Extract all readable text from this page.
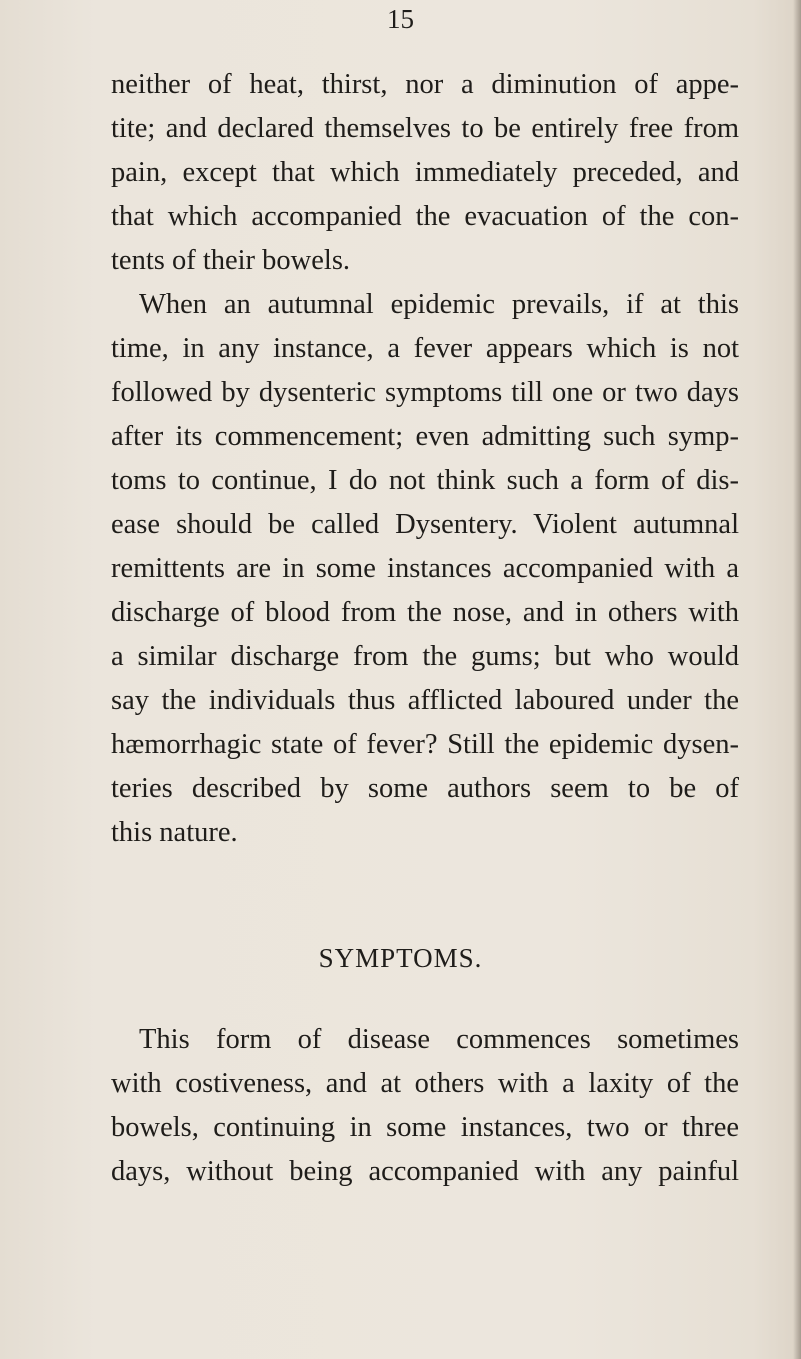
15
neither of heat, thirst, nor a diminution of appe-
tite; and declared themselves to be entirely free from
pain, except that which immediately preceded, and
that which accompanied the evacuation of the con-
tents of their bowels.
When an autumnal epidemic prevails, if at this
time, in any instance, a fever appears which is not
followed by dysenteric symptoms till one or two days
after its commencement; even admitting such symp-
toms to continue, I do not think such a form of dis-
ease should be called Dysentery. Violent autumnal
remittents are in some instances accompanied with a
discharge of blood from the nose, and in others with
a similar discharge from the gums; but who would
say the individuals thus afflicted laboured under the
hæmorrhagic state of fever? Still the epidemic dysen-
teries described by some authors seem to be of
this nature.
SYMPTOMS.
This form of disease commences sometimes
with costiveness, and at others with a laxity of the
bowels, continuing in some instances, two or three
days, without being accompanied with any painful
